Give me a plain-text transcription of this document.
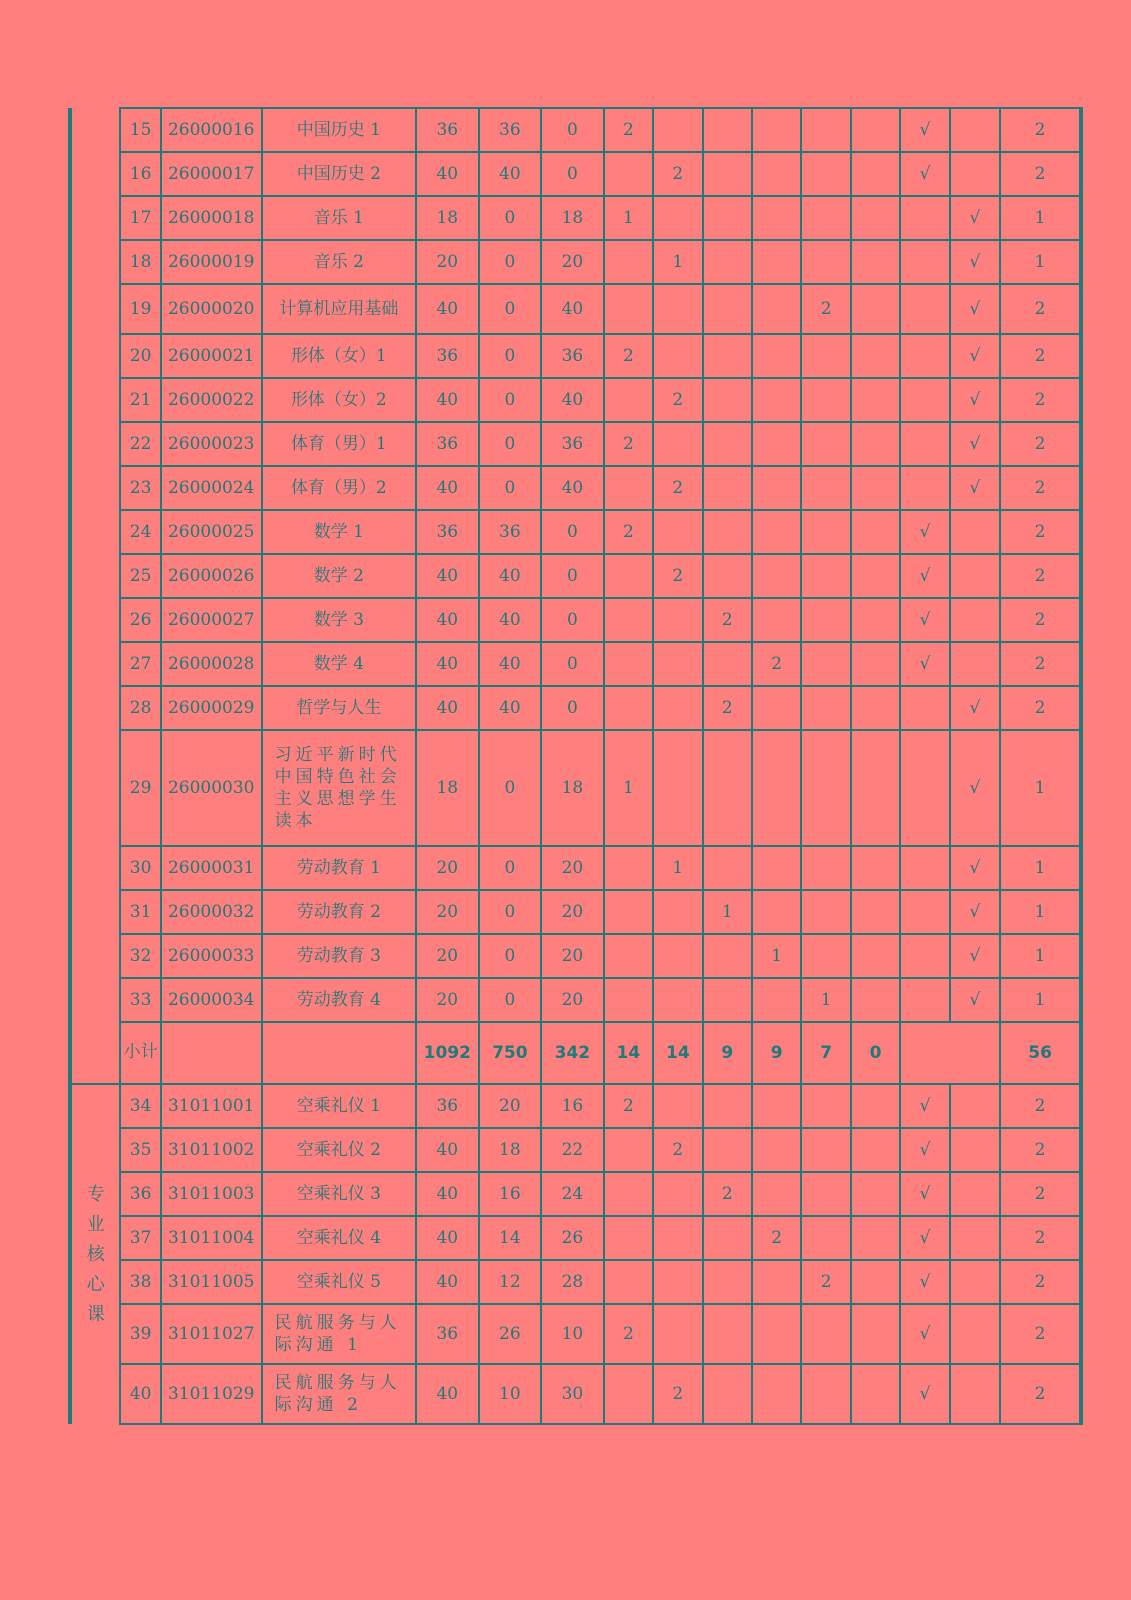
	15	26000016	中国历史 1	36	36	0	2						√		2
	16	26000017	中国历史 2	40	40	0		2					√		2
	17	26000018	音乐 1	18	0	18	1							√	1
	18	26000019	音乐 2	20	0	20		1						√	1
	19	26000020	计算机应用基础	40	0	40					2			√	2
	20	26000021	形体（女）1	36	0	36	2							√	2
	21	26000022	形体（女）2	40	0	40		2						√	2
	22	26000023	体育（男）1	36	0	36	2							√	2
	23	26000024	体育（男）2	40	0	40		2						√	2
	24	26000025	数学 1	36	36	0	2						√		2
	25	26000026	数学 2	40	40	0		2					√		2
	26	26000027	数学 3	40	40	0			2				√		2
	27	26000028	数学 4	40	40	0				2			√		2
	28	26000029	哲学与人生	40	40	0			2					√	2
	29	26000030	习近平新时代中国特色社会主义思想学生读本	18	0	18	1							√	1
	30	26000031	劳动教育 1	20	0	20		1						√	1
	31	26000032	劳动教育 2	20	0	20			1					√	1
	32	26000033	劳动教育 3	20	0	20				1				√	1
	33	26000034	劳动教育 4	20	0	20					1			√	1
	小计			1092	750	342	14	14	9	9	7	0			56
专业核心课	34	31011001	空乘礼仪 1	36	20	16	2						√		2
	35	31011002	空乘礼仪 2	40	18	22		2					√		2
	36	31011003	空乘礼仪 3	40	16	24			2				√		2
	37	31011004	空乘礼仪 4	40	14	26				2			√		2
	38	31011005	空乘礼仪 5	40	12	28					2		√		2
	39	31011027	民航服务与人际沟通 1	36	26	10	2						√		2
	40	31011029	民航服务与人际沟通 2	40	10	30		2					√		2
